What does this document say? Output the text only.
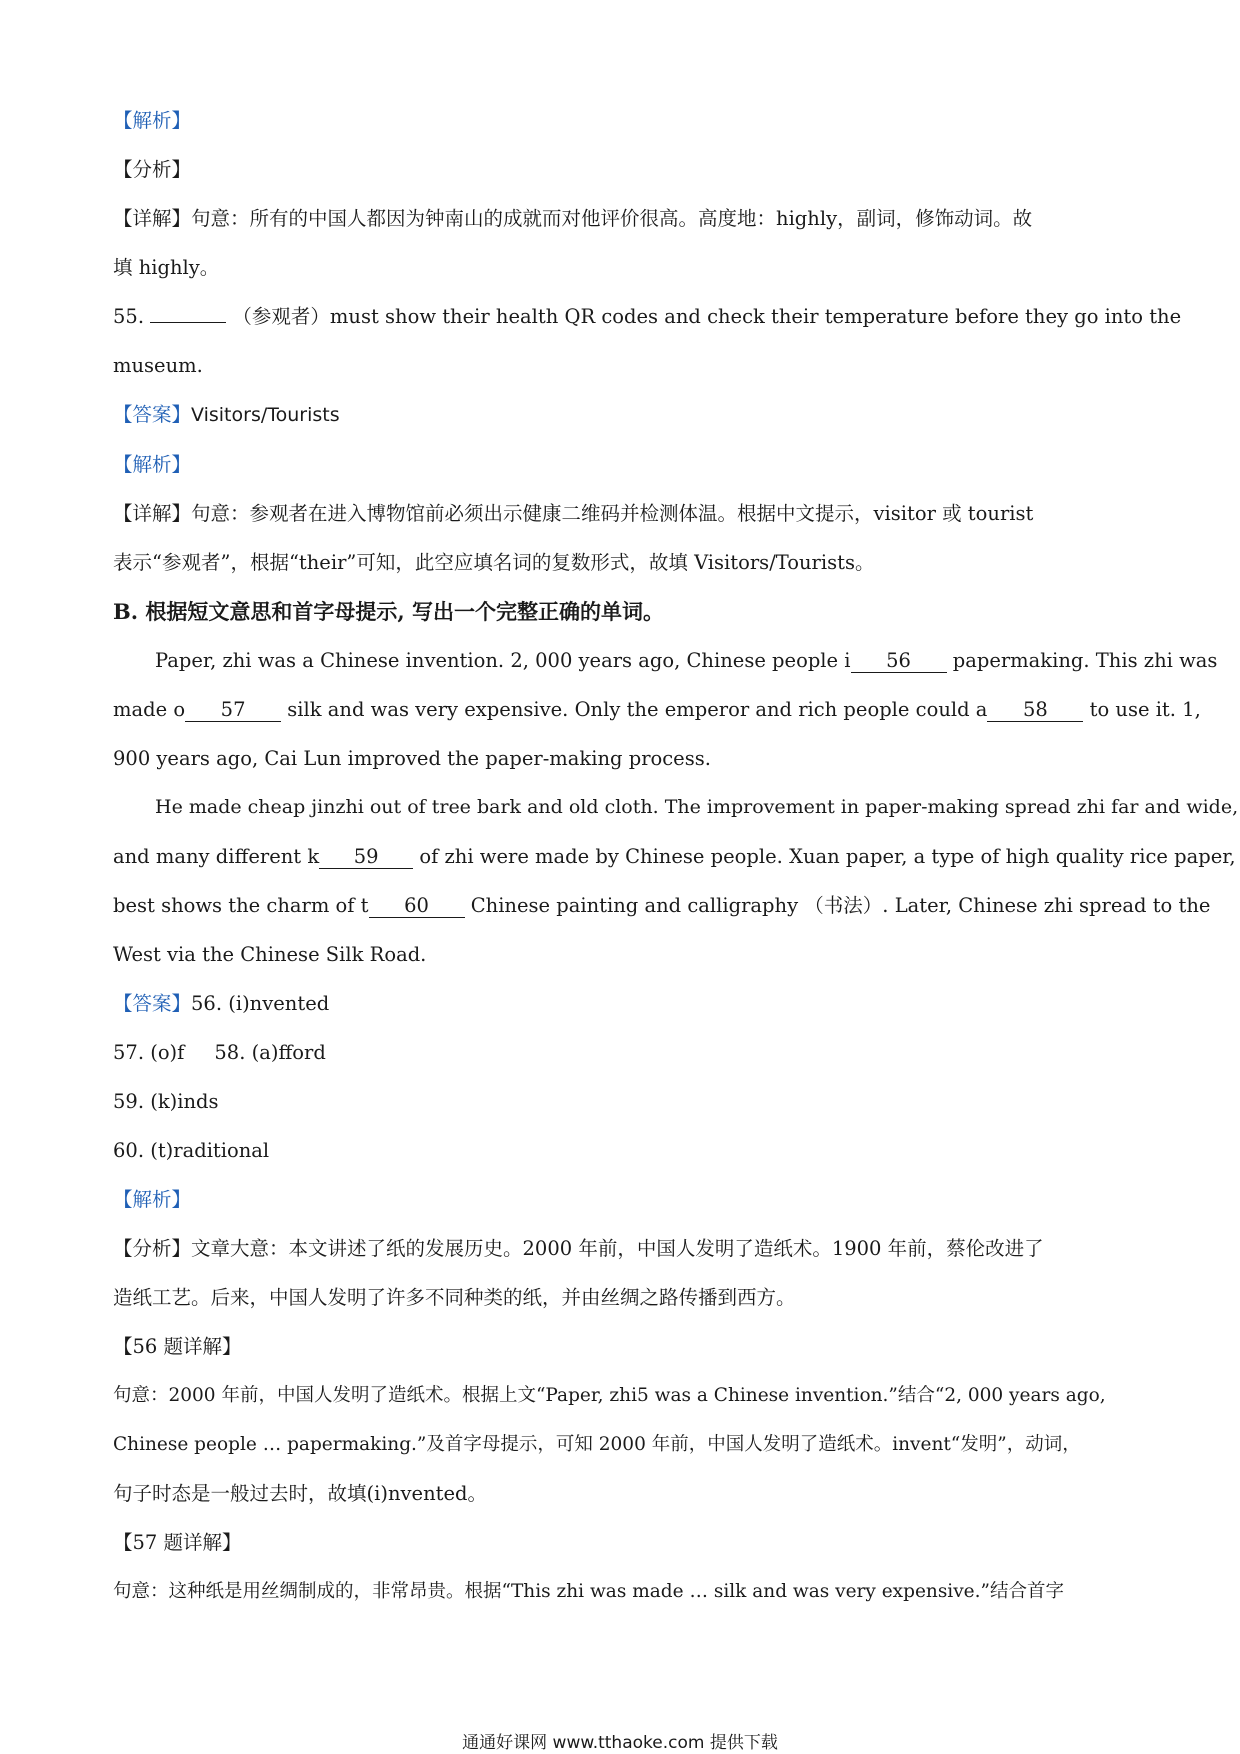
【解析】
【分析】
【详解】句意：所有的中国人都因为钟南山的成就而对他评价很高。高度地：highly，副词，修饰动词。故
填 highly。
55.	（参观者）must show their health QR codes and check their temperature before they go into the
museum.
【答案】Visitors/Tourists
【解析】
【详解】句意：参观者在进入博物馆前必须出示健康二维码并检测体温。根据中文提示，visitor 或 tourist
表示“参观者”，根据“their”可知，此空应填名词的复数形式，故填 Visitors/Tourists。
B. 根据短文意思和首字母提示, 写出一个完整正确的单词。
Paper, zhi was a Chinese invention. 2, 000 years ago, Chinese people i 56 papermaking. This zhi was
made o 57 silk and was very expensive. Only the emperor and rich people could a 58 to use it. 1,
900 years ago, Cai Lun improved the paper-making process.
He made cheap jinzhi out of tree bark and old cloth. The improvement in paper-making spread zhi far and wide,
and many different k 59 of zhi were made by Chinese people. Xuan paper, a type of high quality rice paper,
best shows the charm of t 60 Chinese painting and calligraphy （书法）. Later, Chinese zhi spread to the
West via the Chinese Silk Road.
【答案】56. (i)nvented
57. (o)f 58. (a)fford
59. (k)inds
60. (t)raditional
【解析】
【分析】文章大意：本文讲述了纸的发展历史。2000 年前，中国人发明了造纸术。1900 年前，蔡伦改进了
造纸工艺。后来，中国人发明了许多不同种类的纸，并由丝绸之路传播到西方。
【56 题详解】
句意：2000 年前，中国人发明了造纸术。根据上文“Paper, zhi5 was a Chinese invention.”结合“2, 000 years ago,
Chinese people … papermaking.”及首字母提示，可知 2000 年前，中国人发明了造纸术。invent“发明”，动词，
句子时态是一般过去时，故填(i)nvented。
【57 题详解】
句意：这种纸是用丝绸制成的，非常昂贵。根据“This zhi was made … silk and was very expensive.”结合首字
通通好课网 www.tthaoke.com 提供下载
